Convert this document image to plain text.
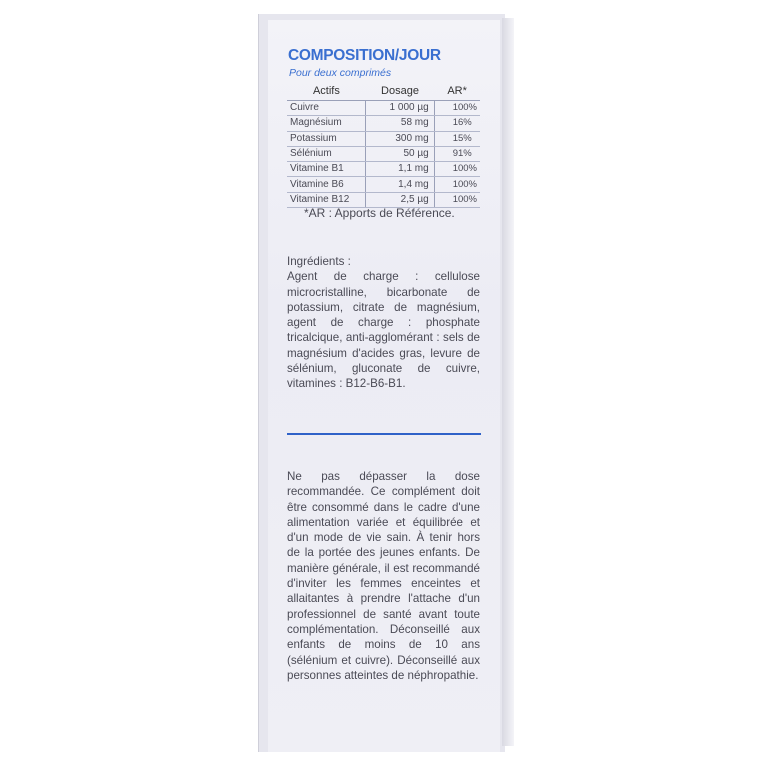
COMPOSITION/JOUR
Pour deux comprimés
Actifs	Dosage	AR*
Cuivre	1 000 µg	100%
Magnésium	58 mg	16%
Potassium	300 mg	15%
Sélénium	50 µg	91%
Vitamine B1	1,1 mg	100%
Vitamine B6	1,4 mg	100%
Vitamine B12	2,5 µg	100%
*AR : Apports de Référence.
Ingrédients :
Agent de charge : cellulose microcristalline, bicarbonate de potassium, citrate de magnésium, agent de charge : phosphate tricalcique, anti-agglomérant : sels de magnésium d'acides gras, levure de sélénium, gluconate de cuivre, vitamines : B12-B6-B1.
Ne pas dépasser la dose recommandée. Ce complément doit être consommé dans le cadre d'une alimentation variée et équilibrée et d'un mode de vie sain. À tenir hors de la portée des jeunes enfants. De manière générale, il est recommandé d'inviter les femmes enceintes et allaitantes à prendre l'attache d'un professionnel de santé avant toute complémentation. Déconseillé aux enfants de moins de 10 ans (sélénium et cuivre). Déconseillé aux personnes atteintes de néphropathie.
